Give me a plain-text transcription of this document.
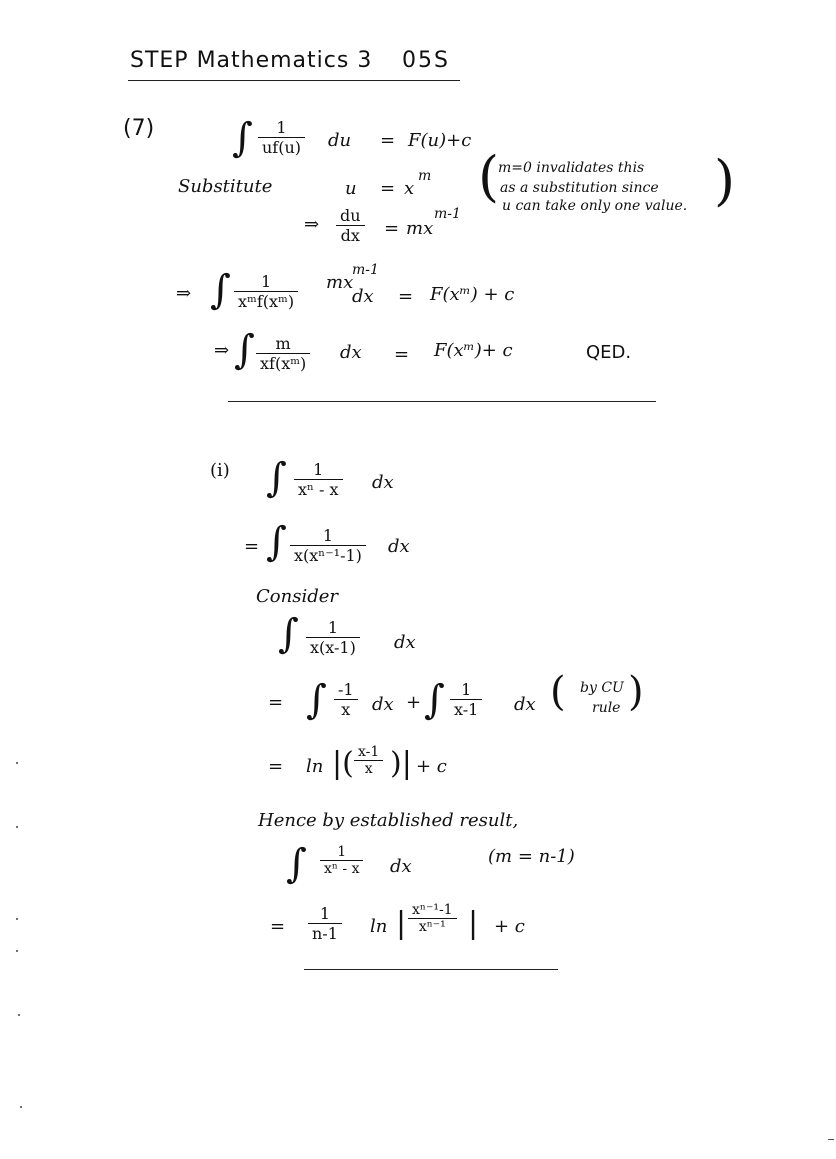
STEP Mathematics 3 05S
(7) ∫ 1
uf(u) du = F(u)+c
Substitute	u = x
m (
m=0 invalidates this
as a substitution since
u can take only one value. )
⇒ du
dx = mx
m-1
⇒ ∫ 1
xᵐf(xᵐ)
mx
m-1
dx = F(xᵐ) + c
⇒ ∫ m
xf(xᵐ)
dx = F(xᵐ)+ c	QED.
(i) ∫ 1
xⁿ - x dx
= ∫ 1
x(xⁿ⁻¹-1) dx
Consider
∫ 1
x(x-1) dx
= ∫ -1
x dx + ∫ 1
x-1 dx ( by CU
rule )
= ln |( x-1
x )| + c
Hence by established result,
∫ 1
xⁿ - x dx	(m = n-1)
=
1
n-1 ln | xⁿ⁻¹-1
xⁿ⁻¹ | + c
